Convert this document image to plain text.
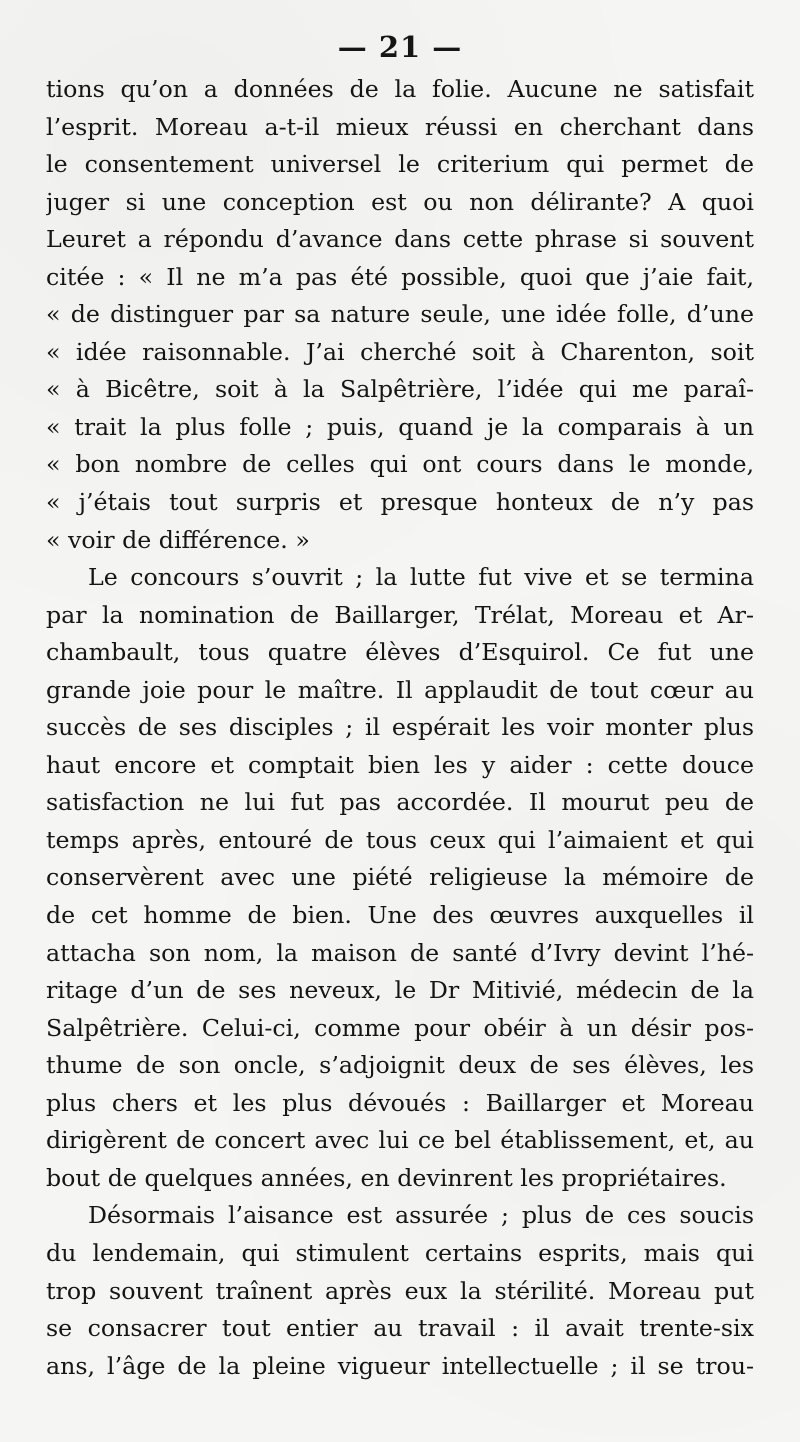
— 21 —
tions qu’on a données de la folie. Aucune ne satisfait
l’esprit. Moreau a-t-il mieux réussi en cherchant dans
le consentement universel le criterium qui permet de
juger si une conception est ou non délirante? A quoi
Leuret a répondu d’avance dans cette phrase si souvent
citée : « Il ne m’a pas été possible, quoi que j’aie fait,
« de distinguer par sa nature seule, une idée folle, d’une
« idée raisonnable. J’ai cherché soit à Charenton, soit
« à Bicêtre, soit à la Salpêtrière, l’idée qui me paraî-
« trait la plus folle ; puis, quand je la comparais à un
« bon nombre de celles qui ont cours dans le monde,
« j’étais tout surpris et presque honteux de n’y pas
« voir de différence. »
Le concours s’ouvrit ; la lutte fut vive et se termina
par la nomination de Baillarger, Trélat, Moreau et Ar-
chambault, tous quatre élèves d’Esquirol. Ce fut une
grande joie pour le maître. Il applaudit de tout cœur au
succès de ses disciples ; il espérait les voir monter plus
haut encore et comptait bien les y aider : cette douce
satisfaction ne lui fut pas accordée. Il mourut peu de
temps après, entouré de tous ceux qui l’aimaient et qui
conservèrent avec une piété religieuse la mémoire de
de cet homme de bien. Une des œuvres auxquelles il
attacha son nom, la maison de santé d’Ivry devint l’hé-
ritage d’un de ses neveux, le Dr Mitivié, médecin de la
Salpêtrière. Celui-ci, comme pour obéir à un désir pos-
thume de son oncle, s’adjoignit deux de ses élèves, les
plus chers et les plus dévoués : Baillarger et Moreau
dirigèrent de concert avec lui ce bel établissement, et, au
bout de quelques années, en devinrent les propriétaires.
Désormais l’aisance est assurée ; plus de ces soucis
du lendemain, qui stimulent certains esprits, mais qui
trop souvent traînent après eux la stérilité. Moreau put
se consacrer tout entier au travail : il avait trente-six
ans, l’âge de la pleine vigueur intellectuelle ; il se trou-
